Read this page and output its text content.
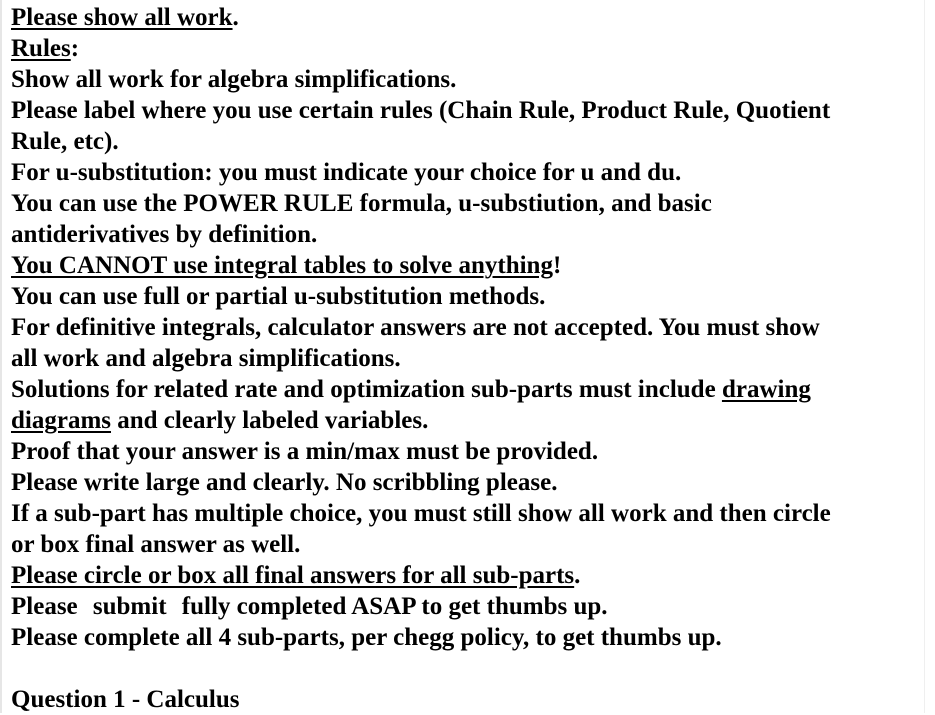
Please show all work.
Rules:
Show all work for algebra simplifications.
Please label where you use certain rules (Chain Rule, Product Rule, Quotient
Rule, etc).
For u-substitution: you must indicate your choice for u and du.
You can use the POWER RULE formula, u-substiution, and basic
antiderivatives by definition.
You CANNOT use integral tables to solve anything!
You can use full or partial u-substitution methods.
For definitive integrals, calculator answers are not accepted. You must show
all work and algebra simplifications.
Solutions for related rate and optimization sub-parts must include drawing
diagrams and clearly labeled variables.
Proof that your answer is a min/max must be provided.
Please write large and clearly. No scribbling please.
If a sub-part has multiple choice, you must still show all work and then circle
or box final answer as well.
Please circle or box all final answers for all sub-parts.
Please submit fully completed ASAP to get thumbs up.
Please complete all 4 sub-parts, per chegg policy, to get thumbs up.
Question 1 - Calculus
